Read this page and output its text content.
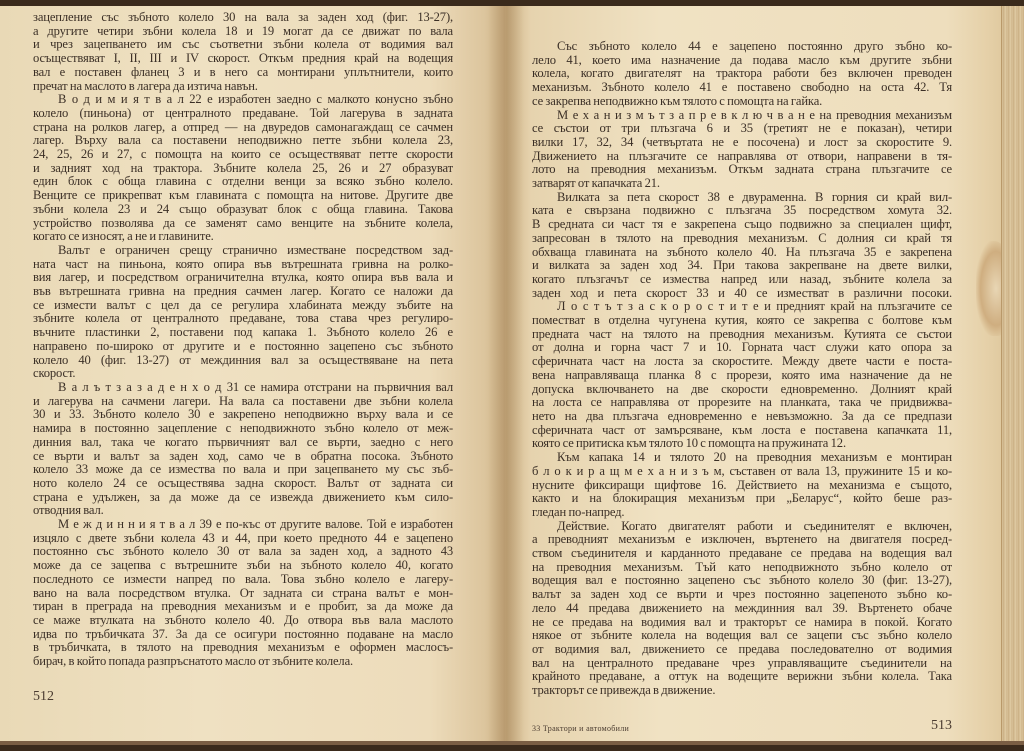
зацепление със зъбното колело 30 на вала за заден ход (фиг. 13-27),
а другите четири зъбни колела 18 и 19 могат да се движат по вала
и чрез зацепването им със съответни зъбни колела от водимия вал
осъществяват I, II, III и IV скорост. Откъм предния край на водещия
вал е поставен фланец 3 и в него са монтирани уплътнители, които
пречат на маслото в лагера да изтича навън.
В о д и м и я т в а л 22 е изработен заедно с малкото конусно зъбно
колело (пиньона) от централното предаване. Той лагерува в задната
страна на ролков лагер, а отпред — на двуредов самонагаждащ се сачмен
лагер. Върху вала са поставени неподвижно петте зъбни колела 23,
24, 25, 26 и 27, с помощта на които се осъществяват петте скорости
и задният ход на трактора. Зъбните колела 25, 26 и 27 образуват
един блок с обща главина с отделни венци за всяко зъбно колело.
Венците се прикрепват към главината с помощта на нитове. Другите две
зъбни колела 23 и 24 също образуват блок с обща главина. Такова
устройство позволява да се заменят само венците на зъбните колела,
когато се износят, а не и главините.
Валът е ограничен срещу странично изместване посредством зад-
ната част на пиньона, която опира във вътрешната гривна на ролко-
вия лагер, и посредством ограничителна втулка, която опира във вала и
във вътрешната гривна на предния сачмен лагер. Когато се наложи да
се измести валът с цел да се регулира хлабината между зъбите на
зъбните колела от централното предаване, това става чрез регулиро-
въчните пластинки 2, поставени под капака 1. Зъбното колело 26 е
направено по-широко от другите и е постоянно зацепено със зъбното
колело 40 (фиг. 13-27) от междинния вал за осъществяване на пета
скорост.
В а л ъ т з а з а д е н х о д 31 се намира отстрани на първичния вал
и лагерува на сачмени лагери. На вала са поставени две зъбни колела
30 и 33. Зъбното колело 30 е закрепено неподвижно върху вала и се
намира в постоянно зацепление с неподвижното зъбно колело от меж-
динния вал, така че когато първичният вал се върти, заедно с него
се върти и валът за заден ход, само че в обратна посока. Зъбното
колело 33 може да се измества по вала и при зацепването му със зъб-
ното колело 24 се осъществява задна скорост. Валът от задната си
страна е удължен, за да може да се извежда движението към сило-
отводния вал.
М е ж д и н н и я т в а л 39 е по-къс от другите валове. Той е изработен
изцяло с двете зъбни колела 43 и 44, при което предното 44 е зацепено
постоянно със зъбното колело 30 от вала за заден ход, а задното 43
може да се зацепва с вътрешните зъби на зъбното колело 40, когато
последното се измести напред по вала. Това зъбно колело е лагеру-
вано на вала посредством втулка. От задната си страна валът е мон-
тиран в преграда на преводния механизъм и е пробит, за да може да
се маже втулката на зъбното колело 40. До отвора във вала маслото
идва по тръбичката 37. За да се осигури постоянно подаване на масло
в тръбичката, в тялото на преводния механизъм е оформен маслосъ-
бирач, в който попада разпръснатото масло от зъбните колела.
512
Със зъбното колело 44 е зацепено постоянно друго зъбно ко-
лело 41, което има назначение да подава масло към другите зъбни
колела, когато двигателят на трактора работи без включен преводен
механизъм. Зъбното колело 41 е поставено свободно на оста 42. Тя
се закрепва неподвижно към тялото с помощта на гайка.
М е х а н и з м ъ т з а п р е в к л ю ч в а н е на преводния механизъм
се състои от три плъзгача 6 и 35 (третият не е показан), четири
вилки 17, 32, 34 (четвъртата не е посочена) и лост за скоростите 9.
Движението на плъзгачите се направлява от отвори, направени в тя-
лото на преводния механизъм. Откъм задната страна плъзгачите се
затварят от капачката 21.
Вилката за пета скорост 38 е двураменна. В горния си край вил-
ката е свързана подвижно с плъзгача 35 посредством хомута 32.
В средната си част тя е закрепена също подвижно за специален щифт,
запресован в тялото на преводния механизъм. С долния си край тя
обхваща главината на зъбното колело 40. На плъзгача 35 е закрепена
и вилката за заден ход 34. При такова закрепване на двете вилки,
когато плъзгачът се измества напред или назад, зъбните колела за
заден ход и пета скорост 33 и 40 се изместват в различни посоки.
Л о с т ъ т з а с к о р о с т и т е и предният край на плъзгачите се
поместват в отделна чугунена кутия, която се закрепва с болтове към
предната част на тялото на преводния механизъм. Кутията се състои
от долна и горна част 7 и 10. Горната част служи като опора за
сферичната част на лоста за скоростите. Между двете части е поста-
вена направляваща планка 8 с прорези, която има назначение да не
допуска включването на две скорости едновременно. Долният край
на лоста се направлява от прорезите на планката, така че придвижва-
нето на два плъзгача едновременно е невъзможно. За да се предпази
сферичната част от замърсяване, към лоста е поставена капачката 11,
която се притиска към тялото 10 с помощта на пружината 12.
Към капака 14 и тялото 20 на преводния механизъм е монтиран
б л о к и р а щ м е х а н и з ъ м, съставен от вала 13, пружините 15 и ко-
нусните фиксиращи щифтове 16. Действието на механизма е същото,
както и на блокиращия механизъм при „Беларус“, който беше раз-
гледан по-напред.
Действие. Когато двигателят работи и съединителят е включен,
а преводният механизъм е изключен, въртенето на двигателя посред-
ством съединителя и карданното предаване се предава на водещия вал
на преводния механизъм. Тъй като неподвижното зъбно колело от
водещия вал е постоянно зацепено със зъбното колело 30 (фиг. 13-27),
валът за заден ход се върти и чрез постоянно зацепеното зъбно ко-
лело 44 предава движението на междинния вал 39. Въртенето обаче
не се предава на водимия вал и тракторът се намира в покой. Когато
някое от зъбните колела на водещия вал се зацепи със зъбно колело
от водимия вал, движението се предава последователно от водимия
вал на централното предаване чрез управляващите съединители на
крайното предаване, а оттук на водещите верижни зъбни колела. Така
тракторът се привежда в движение.
33 Трактори и автомобили	513
